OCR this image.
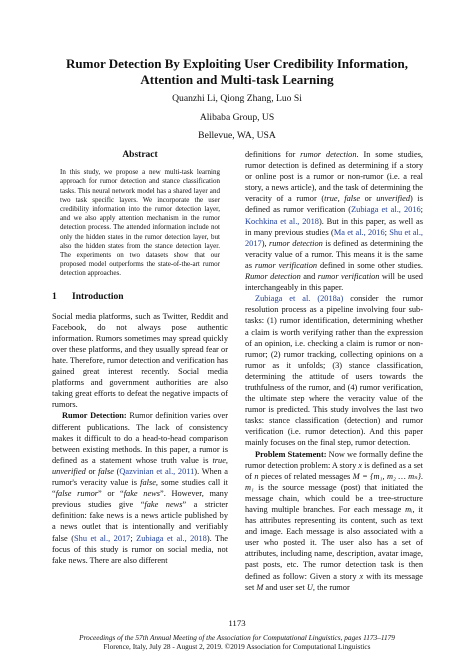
Rumor Detection By Exploiting User Credibility Information, Attention and Multi-task Learning
Quanzhi Li, Qiong Zhang, Luo Si
Alibaba Group, US
Bellevue, WA, USA
Abstract

In this study, we propose a new multi-task learning approach for rumor detection and stance classification tasks. This neural network model has a shared layer and two task specific layers. We incorporate the user credibility information into the rumor detection layer, and we also apply attention mechanism in the rumor detection process. The attended information include not only the hidden states in the rumor detection layer, but also the hidden states from the stance detection layer. The experiments on two datasets show that our proposed model outperforms the state-of-the-art rumor detection approaches.

1 Introduction

Social media platforms, such as Twitter, Reddit and Facebook, do not always pose authentic information. Rumors sometimes may spread quickly over these platforms, and they usually spread fear or hate. Therefore, rumor detection and verification has gained great interest recently. Social media platforms and government authorities are also taking great efforts to defeat the negative impacts of rumors.

Rumor Detection: Rumor definition varies over different publications. The lack of consistency makes it difficult to do a head-to-head comparison between existing methods. In this paper, a rumor is defined as a statement whose truth value is true, unverified or false (Qazvinian et al., 2011). When a rumor's veracity value is false, some studies call it “false rumor” or “fake news”. However, many previous studies give “fake news” a stricter definition: fake news is a news article published by a news outlet that is intentionally and verifiably false (Shu et al., 2017; Zubiaga et al., 2018). The focus of this study is rumor on social media, not fake news. There are also different

definitions for rumor detection. In some studies, rumor detection is defined as determining if a story or online post is a rumor or non-rumor (i.e. a real story, a news article), and the task of determining the veracity of a rumor (true, false or unverified) is defined as rumor verification (Zubiaga et al., 2016; Kochkina et al., 2018). But in this paper, as well as in many previous studies (Ma et al., 2016; Shu et al., 2017), rumor detection is defined as determining the veracity value of a rumor. This means it is the same as rumor verification defined in some other studies. Rumor detection and rumor verification will be used interchangeably in this paper.

Zubiaga et al. (2018a) consider the rumor resolution process as a pipeline involving four sub-tasks: (1) rumor identification, determining whether a claim is worth verifying rather than the expression of an opinion, i.e. checking a claim is rumor or non-rumor; (2) rumor tracking, collecting opinions on a rumor as it unfolds; (3) stance classification, determining the attitude of users towards the truthfulness of the rumor, and (4) rumor verification, the ultimate step where the veracity value of the rumor is predicted. This study involves the last two tasks: stance classification (detection) and rumor verification (i.e. rumor detection). And this paper mainly focuses on the final step, rumor detection.

Problem Statement: Now we formally define the rumor detection problem: A story x is defined as a set of n pieces of related messages M = {m₁, m₂ … mₙ}. m₁ is the source message (post) that initiated the message chain, which could be a tree-structure having multiple branches. For each message mᵢ, it has attributes representing its content, such as text and image. Each message is also associated with a user who posted it. The user also has a set of attributes, including name, description, avatar image, past posts, etc. The rumor detection task is then defined as follow: Given a story x with its message set M and user set U, the rumor

1173
Proceedings of the 57th Annual Meeting of the Association for Computational Linguistics, pages 1173–1179
Florence, Italy, July 28 - August 2, 2019. ©2019 Association for Computational Linguistics
